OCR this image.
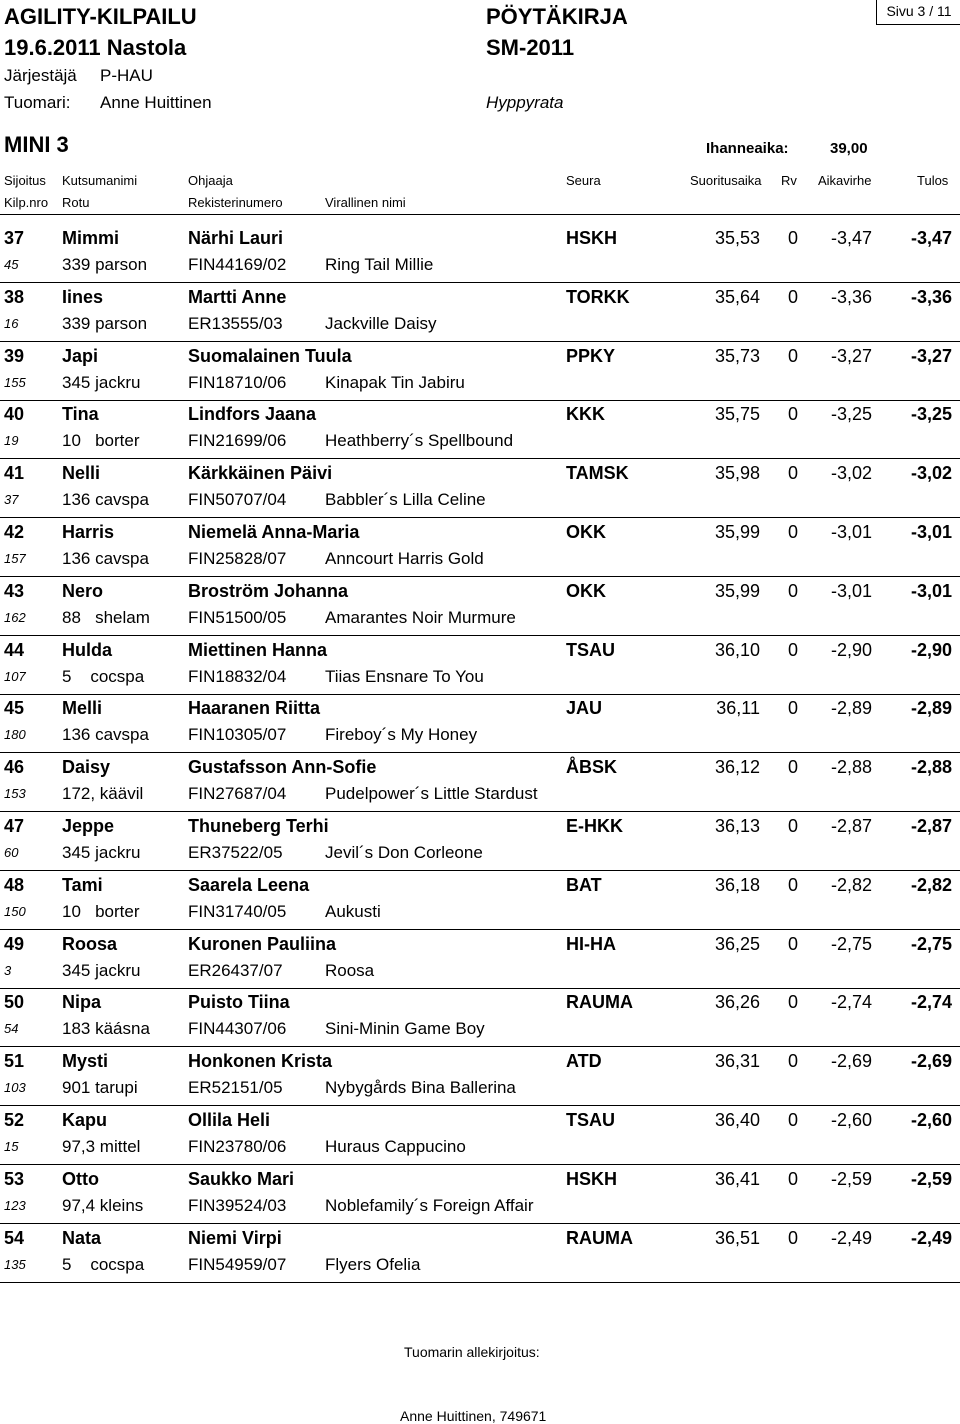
AGILITY-KILPAILU
19.6.2011 Nastola
Järjestäjä P-HAU
Tuomari: Anne Huittinen
PÖYTÄKIRJA
SM-2011
Hyppyrata
Sivu 3 / 11
MINI 3	Ihanneaika:	39,00
Sijoitus Kutsumanimi	Ohjaaja	Seura	Suoritusaika Rv Aikavirhe	Tulos
Kilp.nro Rotu	Rekisterinumero	Virallinen nimi
37	Mimmi	Närhi Lauri	HSKH	35,53	0	-3,47	-3,47
45	339 parson	FIN44169/02	Ring Tail Millie
38	Iines	Martti Anne	TORKK	35,64	0	-3,36	-3,36
16	339 parson	ER13555/03	Jackville Daisy
39	Japi	Suomalainen Tuula	PPKY	35,73	0	-3,27	-3,27
155	345 jackru	FIN18710/06	Kinapak Tin Jabiru
40	Tina	Lindfors Jaana	KKK	35,75	0	-3,25	-3,25
19	10   borter	FIN21699/06	Heathberry´s Spellbound
41	Nelli	Kärkkäinen Päivi	TAMSK	35,98	0	-3,02	-3,02
37	136 cavspa	FIN50707/04	Babbler´s Lilla Celine
42	Harris	Niemelä Anna-Maria	OKK	35,99	0	-3,01	-3,01
157	136 cavspa	FIN25828/07	Anncourt Harris Gold
43	Nero	Broström Johanna	OKK	35,99	0	-3,01	-3,01
162	88   shelam	FIN51500/05	Amarantes Noir Murmure
44	Hulda	Miettinen Hanna	TSAU	36,10	0	-2,90	-2,90
107	5    cocspa	FIN18832/04	Tiias Ensnare To You
45	Melli	Haaranen Riitta	JAU	36,11	0	-2,89	-2,89
180	136 cavspa	FIN10305/07	Fireboy´s My Honey
46	Daisy	Gustafsson Ann-Sofie	ÅBSK	36,12	0	-2,88	-2,88
153	172, käävil	FIN27687/04	Pudelpower´s Little Stardust
47	Jeppe	Thuneberg Terhi	E-HKK	36,13	0	-2,87	-2,87
60	345 jackru	ER37522/05	Jevil´s Don Corleone
48	Tami	Saarela Leena	BAT	36,18	0	-2,82	-2,82
150	10   borter	FIN31740/05	Aukusti
49	Roosa	Kuronen Pauliina	HI-HA	36,25	0	-2,75	-2,75
3	345 jackru	ER26437/07	Roosa
50	Nipa	Puisto Tiina	RAUMA	36,26	0	-2,74	-2,74
54	183 käásna	FIN44307/06	Sini-Minin Game Boy
51	Mysti	Honkonen Krista	ATD	36,31	0	-2,69	-2,69
103	901 tarupi	ER52151/05	Nybygårds Bina Ballerina
52	Kapu	Ollila Heli	TSAU	36,40	0	-2,60	-2,60
15	97,3 mittel	FIN23780/06	Huraus Cappucino
53	Otto	Saukko Mari	HSKH	36,41	0	-2,59	-2,59
123	97,4 kleins	FIN39524/03	Noblefamily´s Foreign Affair
54	Nata	Niemi Virpi	RAUMA	36,51	0	-2,49	-2,49
135	5    cocspa	FIN54959/07	Flyers Ofelia
Tuomarin allekirjoitus:
Anne Huittinen, 749671
